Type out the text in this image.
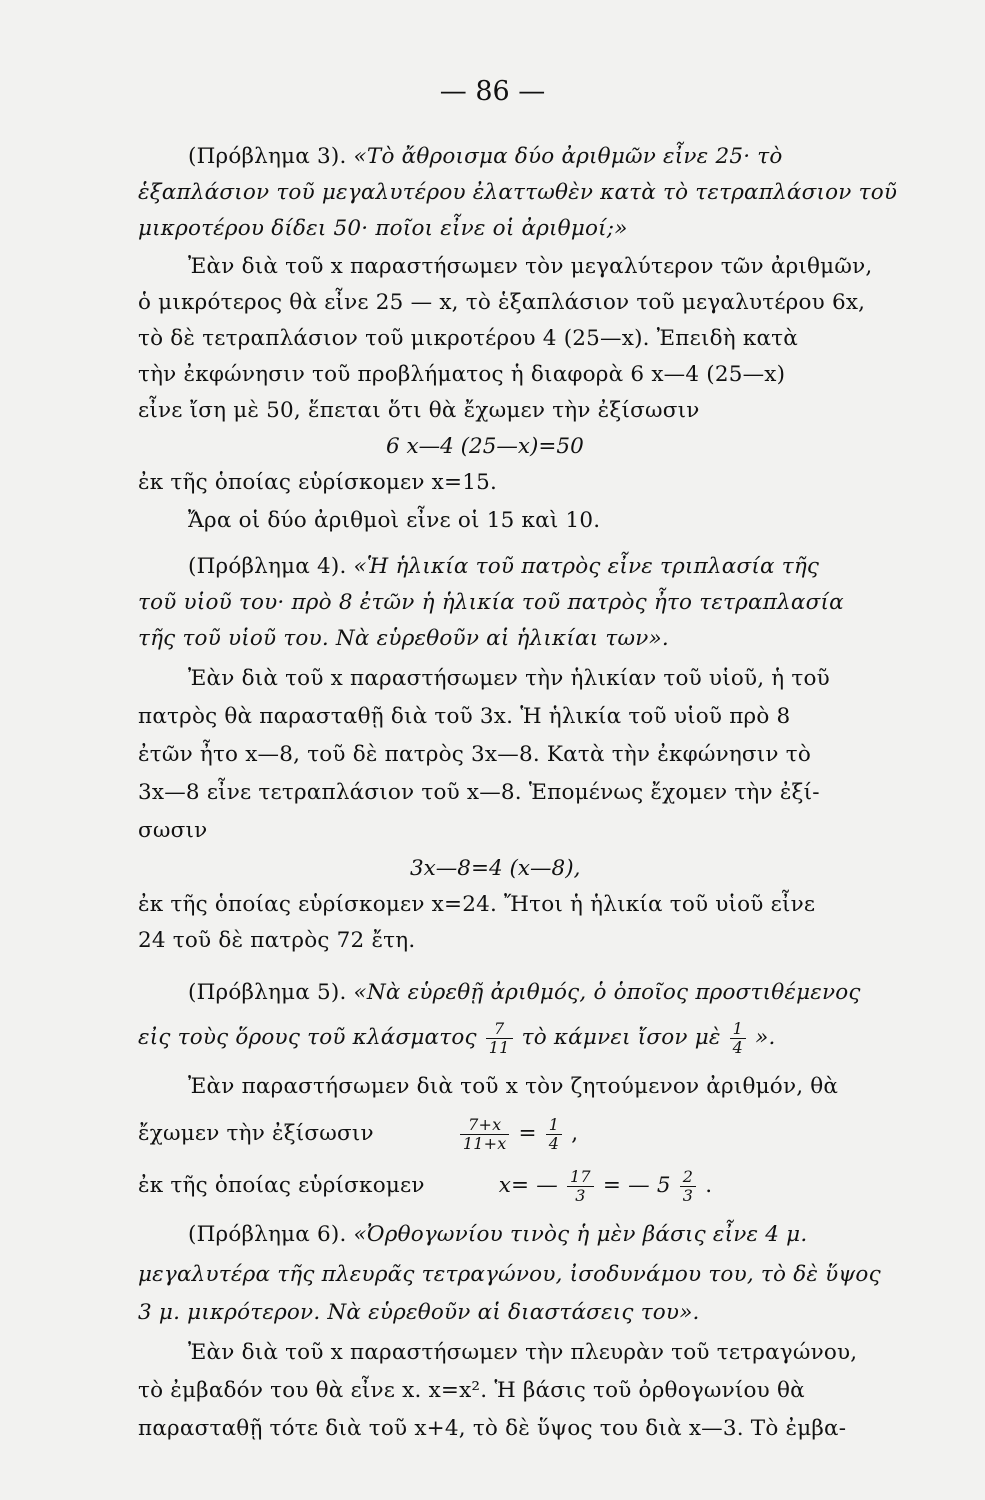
— 86 —
(Πρόβλημα 3). «Τὸ ἄθροισμα δύο ἀριθμῶν εἶνε 25· τὸ
ἑξαπλάσιον τοῦ μεγαλυτέρου ἐλαττωθὲν κατὰ τὸ τετραπλάσιον τοῦ
μικροτέρου δίδει 50· ποῖοι εἶνε οἱ ἀριθμοί;»
Ἐὰν διὰ τοῦ x παραστήσωμεν τὸν μεγαλύτερον τῶν ἀριθμῶν,
ὁ μικρότερος θὰ εἶνε 25 — x, τὸ ἑξαπλάσιον τοῦ μεγαλυτέρου 6x,
τὸ δὲ τετραπλάσιον τοῦ μικροτέρου 4 (25—x). Ἐπειδὴ κατὰ
τὴν ἐκφώνησιν τοῦ προβλήματος ἡ διαφορὰ 6 x—4 (25—x)
εἶνε ἴση μὲ 50, ἕπεται ὅτι θὰ ἔχωμεν τὴν ἐξίσωσιν
6 x—4 (25—x)=50
ἐκ τῆς ὁποίας εὑρίσκομεν x=15.
Ἄρα οἱ δύο ἀριθμοὶ εἶνε οἱ 15 καὶ 10.
(Πρόβλημα 4). «Ἡ ἡλικία τοῦ πατρὸς εἶνε τριπλασία τῆς
τοῦ υἱοῦ του· πρὸ 8 ἐτῶν ἡ ἡλικία τοῦ πατρὸς ἦτο τετραπλασία
τῆς τοῦ υἱοῦ του. Νὰ εὑρεθοῦν αἱ ἡλικίαι των».
Ἐὰν διὰ τοῦ x παραστήσωμεν τὴν ἡλικίαν τοῦ υἱοῦ, ἡ τοῦ
πατρὸς θὰ παρασταθῇ διὰ τοῦ 3x. Ἡ ἡλικία τοῦ υἱοῦ πρὸ 8
ἐτῶν ἦτο x—8, τοῦ δὲ πατρὸς 3x—8. Κατὰ τὴν ἐκφώνησιν τὸ
3x—8 εἶνε τετραπλάσιον τοῦ x—8. Ἑπομένως ἔχομεν τὴν ἐξί-
σωσιν
3x—8=4 (x—8),
ἐκ τῆς ὁποίας εὑρίσκομεν x=24. Ἤτοι ἡ ἡλικία τοῦ υἱοῦ εἶνε
24 τοῦ δὲ πατρὸς 72 ἔτη.
(Πρόβλημα 5). «Νὰ εὑρεθῇ ἀριθμός, ὁ ὁποῖος προστιθέμενος
εἰς τοὺς ὅρους τοῦ κλάσματος $\frac{7}{11}$ τὸ κάμνει ἴσον μὲ $\frac{1}{4}$ ».
Ἐὰν παραστήσωμεν διὰ τοῦ x τὸν ζητούμενον ἀριθμόν, θὰ
ἔχωμεν τὴν ἐξίσωσιν	$\frac{7+x}{11+x} = \frac{1}{4}$ ,
ἐκ τῆς ὁποίας εὑρίσκομεν	x= — $\frac{17}{3}$ = — $5 \frac{2}{3}$ .
(Πρόβλημα 6). «Ὀρθογωνίου τινὸς ἡ μὲν βάσις εἶνε 4 μ.
μεγαλυτέρα τῆς πλευρᾶς τετραγώνου, ἰσοδυνάμου του, τὸ δὲ ὕψος
3 μ. μικρότερον. Νὰ εὑρεθοῦν αἱ διαστάσεις του».
Ἐὰν διὰ τοῦ x παραστήσωμεν τὴν πλευρὰν τοῦ τετραγώνου,
τὸ ἐμβαδόν του θὰ εἶνε x. x=x². Ἡ βάσις τοῦ ὀρθογωνίου θὰ
παρασταθῇ τότε διὰ τοῦ x+4, τὸ δὲ ὕψος του διὰ x—3. Τὸ ἐμβα-
